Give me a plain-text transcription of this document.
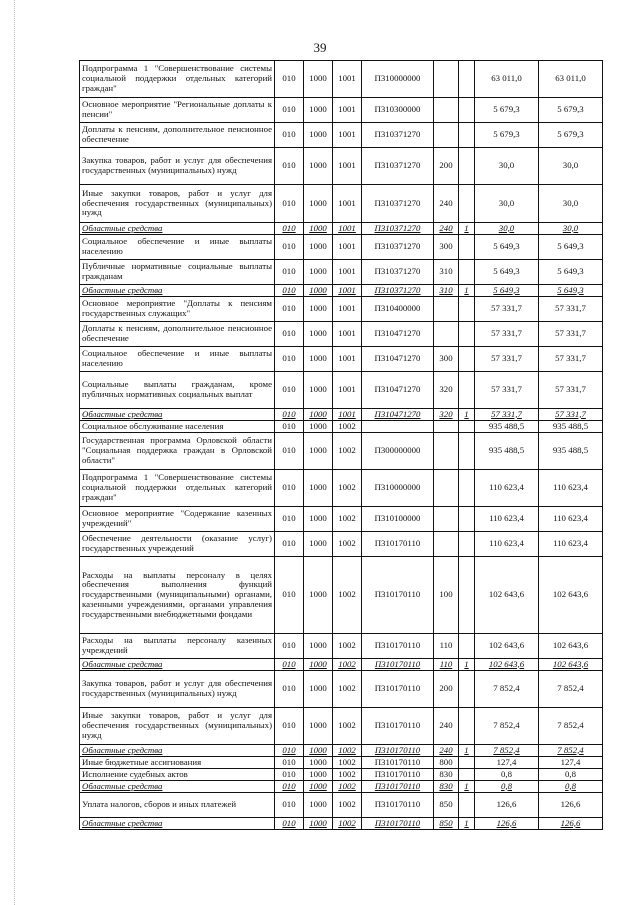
39
Подпрограмма 1 "Совершенствование системы социальной поддержки отдельных категорий граждан"	010	1000	1001	П310000000			63 011,0	63 011,0
Основное мероприятие "Региональные доплаты к пенсии"	010	1000	1001	П310300000			5 679,3	5 679,3
Доплаты к пенсиям, дополнительное пенсионное обеспечение	010	1000	1001	П310371270			5 679,3	5 679,3
Закупка товаров, работ и услуг для обеспечения государственных (муниципальных) нужд	010	1000	1001	П310371270	200		30,0	30,0
Иные закупки товаров, работ и услуг для обеспечения государственных (муниципальных) нужд	010	1000	1001	П310371270	240		30,0	30,0
Областные средства	010	1000	1001	П310371270	240	1	30,0	30,0
Социальное обеспечение и иные выплаты населению	010	1000	1001	П310371270	300		5 649,3	5 649,3
Публичные нормативные социальные выплаты гражданам	010	1000	1001	П310371270	310		5 649,3	5 649,3
Областные средства	010	1000	1001	П310371270	310	1	5 649,3	5 649,3
Основное мероприятие "Доплаты к пенсиям государственных служащих"	010	1000	1001	П310400000			57 331,7	57 331,7
Доплаты к пенсиям, дополнительное пенсионное обеспечение	010	1000	1001	П310471270			57 331,7	57 331,7
Социальное обеспечение и иные выплаты населению	010	1000	1001	П310471270	300		57 331,7	57 331,7
Социальные выплаты гражданам, кроме публичных нормативных социальных выплат	010	1000	1001	П310471270	320		57 331,7	57 331,7
Областные средства	010	1000	1001	П310471270	320	1	57 331,7	57 331,7
Социальное обслуживание населения	010	1000	1002				935 488,5	935 488,5
Государственная программа Орловской области "Социальная поддержка граждан в Орловской области"	010	1000	1002	П300000000			935 488,5	935 488,5
Подпрограмма 1 "Совершенствование системы социальной поддержки отдельных категорий граждан"	010	1000	1002	П310000000			110 623,4	110 623,4
Основное мероприятие "Содержание казенных учреждений"	010	1000	1002	П310100000			110 623,4	110 623,4
Обеспечение деятельности (оказание услуг) государственных учреждений	010	1000	1002	П310170110			110 623,4	110 623,4
Расходы на выплаты персоналу в целях обеспечения выполнения функций государственными (муниципальными) органами, казенными учреждениями, органами управления государственными внебюджетными фондами	010	1000	1002	П310170110	100		102 643,6	102 643,6
Расходы на выплаты персоналу казенных учреждений	010	1000	1002	П310170110	110		102 643,6	102 643,6
Областные средства	010	1000	1002	П310170110	110	1	102 643,6	102 643,6
Закупка товаров, работ и услуг для обеспечения государственных (муниципальных) нужд	010	1000	1002	П310170110	200		7 852,4	7 852,4
Иные закупки товаров, работ и услуг для обеспечения государственных (муниципальных) нужд	010	1000	1002	П310170110	240		7 852,4	7 852,4
Областные средства	010	1000	1002	П310170110	240	1	7 852,4	7 852,4
Иные бюджетные ассигнования	010	1000	1002	П310170110	800		127,4	127,4
Исполнение судебных актов	010	1000	1002	П310170110	830		0,8	0,8
Областные средства	010	1000	1002	П310170110	830	1	0,8	0,8
Уплата налогов, сборов и иных платежей	010	1000	1002	П310170110	850		126,6	126,6
Областные средства	010	1000	1002	П310170110	850	1	126,6	126,6
